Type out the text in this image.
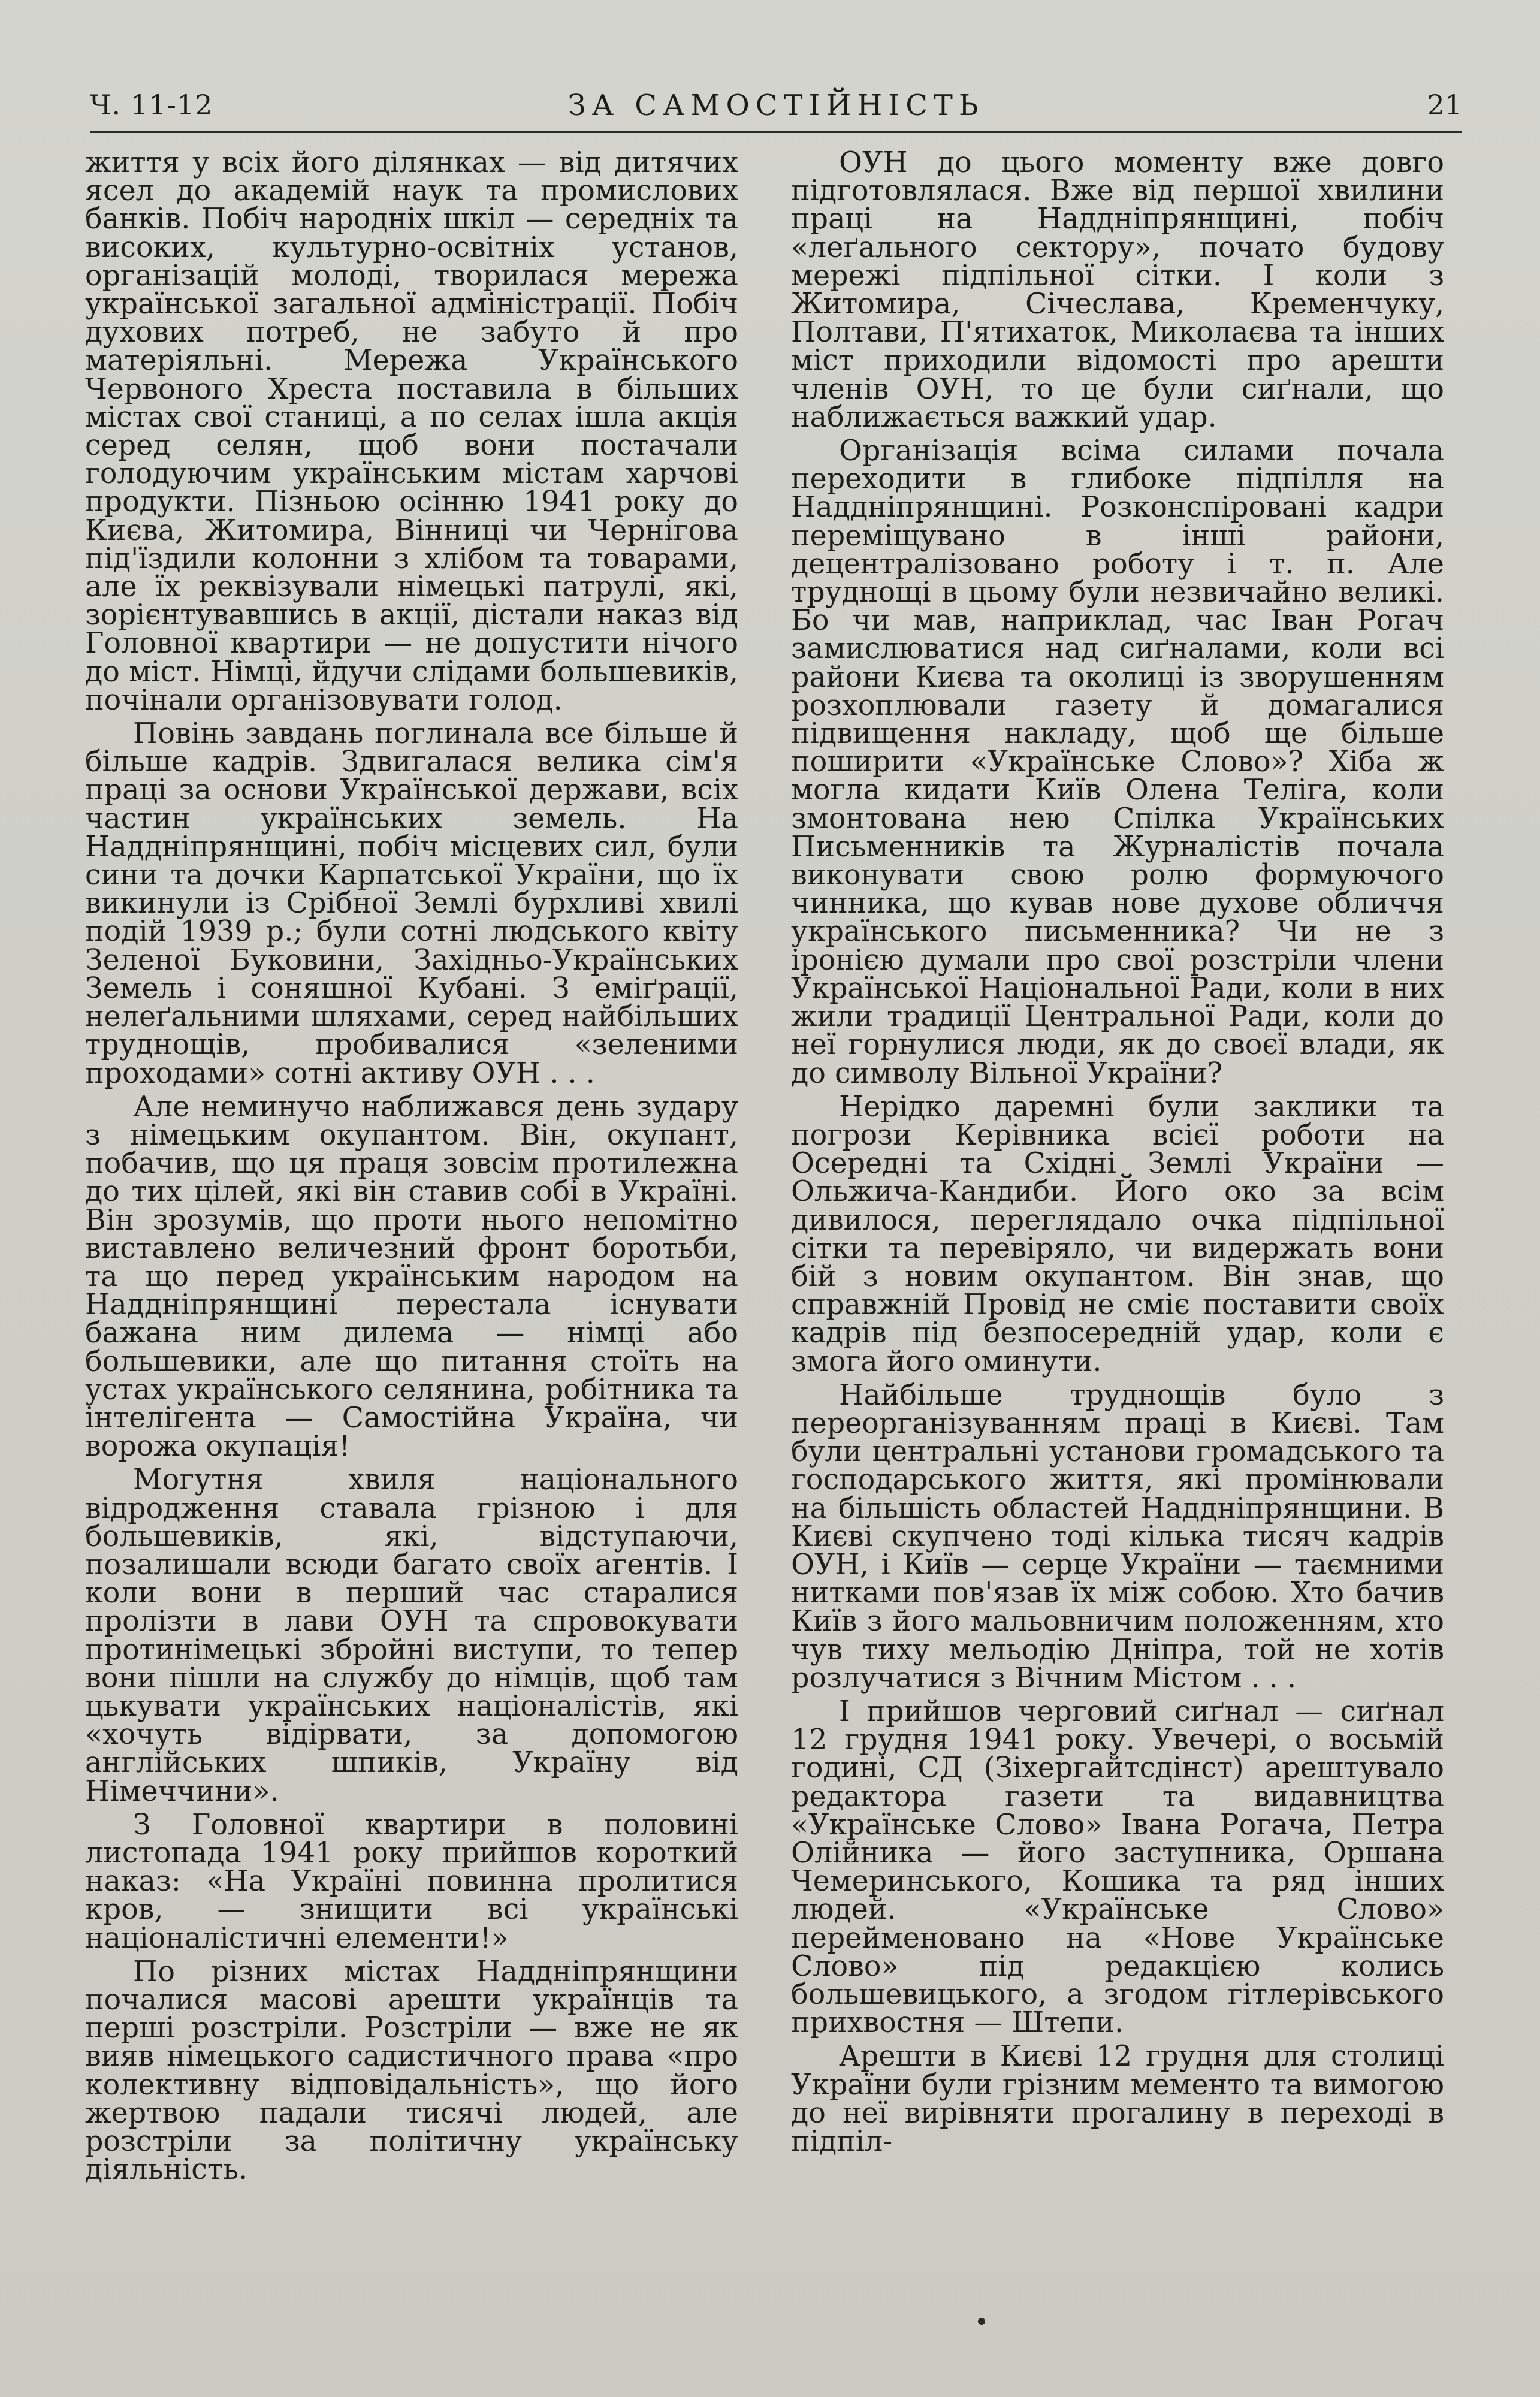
Ч. 11-12	ЗА САМОСТІЙНІСТЬ	21

життя у всіх його ділянках — від дитячих ясел до академій наук та промислових банків. Побіч народніх шкіл — середніх та високих, культурно-освітніх установ, організацій молоді, творилася мережа української загальної адміністрації. Побіч духових потреб, не забуто й про матеріяльні. Мережа Українського Червоного Хреста поставила в більших містах свої станиці, а по селах ішла акція серед селян, щоб вони постачали голодуючим українським містам харчові продукти. Пізньою осінню 1941 року до Києва, Житомира, Вінниці чи Чернігова під'їздили колонни з хлібом та товарами, але їх реквізували німецькі патрулі, які, зорієнтувавшись в акції, дістали наказ від Головної квартири — не допустити нічого до міст. Німці, йдучи слідами большевиків, почінали організовувати голод.

Повінь завдань поглинала все більше й більше кадрів. Здвигалася велика сім'я праці за основи Української держави, всіх частин українських земель. На Наддніпрянщині, побіч місцевих сил, були сини та дочки Карпатської України, що їх викинули із Срібної Землі бурхливі хвилі подій 1939 р.; були сотні людського квіту Зеленої Буковини, Західньо-Українських Земель і соняшної Кубані. З еміґрації, нелеґальними шляхами, серед найбільших труднощів, пробивалися «зеленими проходами» сотні активу ОУН . . .

Але неминучо наближався день зудару з німецьким окупантом. Він, окупант, побачив, що ця праця зовсім протилежна до тих цілей, які він ставив собі в Україні. Він зрозумів, що проти нього непомітно виставлено величезний фронт боротьби, та що перед українським народом на Наддніпрянщині перестала існувати бажана ним дилема — німці або большевики, але що питання стоїть на устах українського селянина, робітника та інтелігента — Самостійна Україна, чи ворожа окупація!

Могутня хвиля національного відродження ставала грізною і для большевиків, які, відступаючи, позалишали всюди багато своїх агентів. І коли вони в перший час старалися пролізти в лави ОУН та спровокувати протинімецькі збройні виступи, то тепер вони пішли на службу до німців, щоб там цькувати українських націоналістів, які «хочуть відірвати, за допомогою англійських шпиків, Україну від Німеччини».

З Головної квартири в половині листопада 1941 року прийшов короткий наказ: «На Україні повинна пролитися кров, — знищити всі українські націоналістичні елементи!»

По різних містах Наддніпрянщини почалися масові арешти українців та перші розстріли. Розстріли — вже не як вияв німецького садистичного права «про колективну відповідальність», що його жертвою падали тисячі людей, але розстріли за політичну українську діяльність.

ОУН до цього моменту вже довго підготовлялася. Вже від першої хвилини праці на Наддніпрянщині, побіч «леґального сектору», почато будову мережі підпільної сітки. І коли з Житомира, Січеслава, Кременчуку, Полтави, П'ятихаток, Миколаєва та інших міст приходили відомості про арешти членів ОУН, то це були сиґнали, що наближається важкий удар.

Організація всіма силами почала переходити в глибоке підпілля на Наддніпрянщині. Розконспіровані кадри переміщувано в інші райони, децентралізовано роботу і т. п. Але труднощі в цьому були незвичайно великі. Бо чи мав, наприклад, час Іван Рогач замислюватися над сиґналами, коли всі райони Києва та околиці із зворушенням розхоплювали газету й домагалися підвищення накладу, щоб ще більше поширити «Українське Слово»? Хіба ж могла кидати Київ Олена Теліга, коли змонтована нею Спілка Українських Письменників та Журналістів почала виконувати свою ролю формуючого чинника, що кував нове духове обличчя українського письменника? Чи не з іронією думали про свої розстріли члени Української Національної Ради, коли в них жили традиції Центральної Ради, коли до неї горнулися люди, як до своєї влади, як до символу Вільної України?

Нерідко даремні були заклики та погрози Керівника всієї роботи на Осередні та Східні Землі України — Ольжича-Кандиби. Його око за всім дивилося, переглядало очка підпільної сітки та перевіряло, чи видержать вони бій з новим окупантом. Він знав, що справжній Провід не сміє поставити своїх кадрів під безпосередній удар, коли є змога його оминути.

Найбільше труднощів було з переорганізуванням праці в Києві. Там були центральні установи громадського та господарського життя, які промінювали на більшість областей Наддніпрянщини. В Києві скупчено тоді кілька тисяч кадрів ОУН, і Київ — серце України — таємними нитками пов'язав їх між собою. Хто бачив Київ з його мальовничим положенням, хто чув тиху мельодію Дніпра, той не хотів розлучатися з Вічним Містом . . .

І прийшов черговий сиґнал — сиґнал 12 грудня 1941 року. Увечері, о восьмій годині, СД (Зіхергайтсдінст) арештувало редактора газети та видавництва «Українське Слово» Івана Рогача, Петра Олійника — його заступника, Оршана Чемеринського, Кошика та ряд інших людей. «Українське Слово» перейменовано на «Нове Українське Слово» під редакцією колись большевицького, а згодом гітлерівського прихвостня — Штепи.

Арешти в Києві 12 грудня для столиці України були грізним мементо та вимогою до неї вирівняти прогалину в переході в підпіл-
